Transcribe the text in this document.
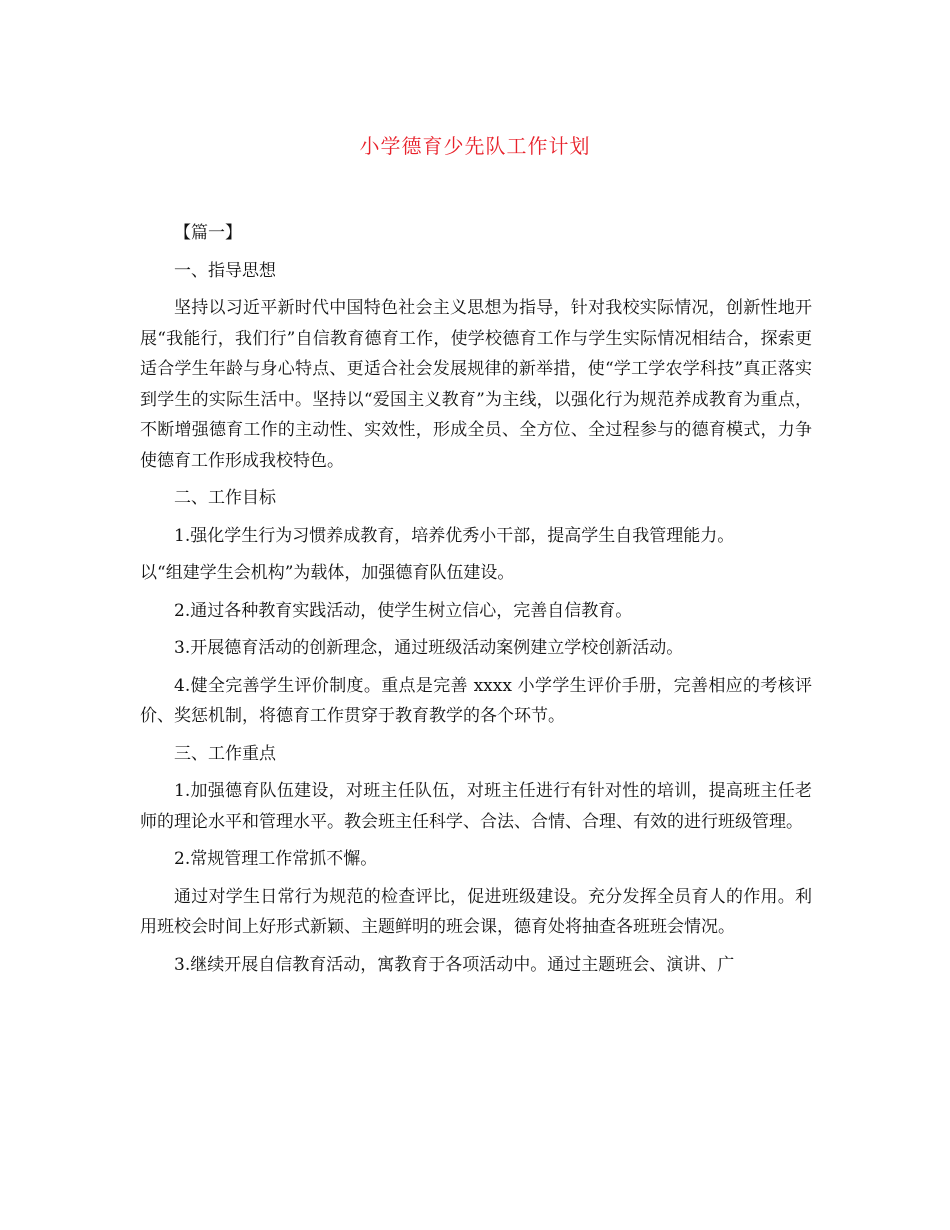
小学德育少先队工作计划

【篇一】

一、指导思想

坚持以习近平新时代中国特色社会主义思想为指导，针对我校实际情况，创新性地开展“我能行，我们行”自信教育德育工作，使学校德育工作与学生实际情况相结合，探索更适合学生年龄与身心特点、更适合社会发展规律的新举措，使“学工学农学科技”真正落实到学生的实际生活中。坚持以“爱国主义教育”为主线，以强化行为规范养成教育为重点，不断增强德育工作的主动性、实效性，形成全员、全方位、全过程参与的德育模式，力争使德育工作形成我校特色。

二、工作目标

1.强化学生行为习惯养成教育，培养优秀小干部，提高学生自我管理能力。

以“组建学生会机构”为载体，加强德育队伍建设。

2.通过各种教育实践活动，使学生树立信心，完善自信教育。

3.开展德育活动的创新理念，通过班级活动案例建立学校创新活动。

4.健全完善学生评价制度。重点是完善 xxxx 小学学生评价手册，完善相应的考核评价、奖惩机制，将德育工作贯穿于教育教学的各个环节。

三、工作重点

1.加强德育队伍建设，对班主任队伍，对班主任进行有针对性的培训，提高班主任老师的理论水平和管理水平。教会班主任科学、合法、合情、合理、有效的进行班级管理。

2.常规管理工作常抓不懈。

通过对学生日常行为规范的检查评比，促进班级建设。充分发挥全员育人的作用。利用班校会时间上好形式新颖、主题鲜明的班会课，德育处将抽查各班班会情况。

3.继续开展自信教育活动，寓教育于各项活动中。通过主题班会、演讲、广
